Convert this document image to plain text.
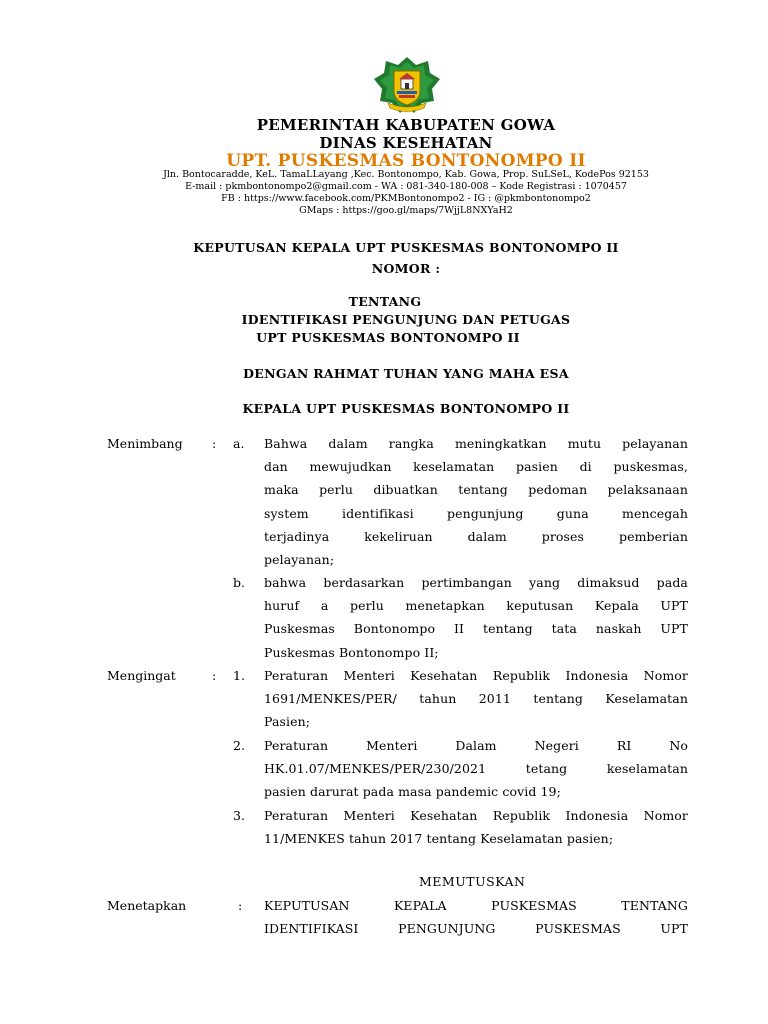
PEMERINTAH KABUPATEN GOWA
DINAS KESEHATAN
UPT. PUSKESMAS BONTONOMPO II
Jln. Bontocaradde, KeL. TamaLLayang ,Kec. Bontonompo, Kab. Gowa, Prop. SuLSeL, KodePos 92153
E-mail : pkmbontonompo2@gmail.com - WA : 081-340-180-008 – Kode Registrasi : 1070457
FB : https://www.facebook.com/PKMBontonompo2 - IG : @pkmbontonompo2
GMaps : https://goo.gl/maps/7WjjL8NXYaH2
KEPUTUSAN KEPALA UPT PUSKESMAS BONTONOMPO II
NOMOR :
TENTANG
IDENTIFIKASI PENGUNJUNG DAN PETUGAS
UPT PUSKESMAS BONTONOMPO II
DENGAN RAHMAT TUHAN YANG MAHA ESA
KEPALA UPT PUSKESMAS BONTONOMPO II
Menimbang : a. Bahwa dalam rangka meningkatkan mutu pelayanan
dan mewujudkan keselamatan pasien di puskesmas,
maka perlu dibuatkan tentang pedoman pelaksanaan
system identifikasi pengunjung guna mencegah
terjadinya kekeliruan dalam proses pemberian
pelayanan;
b. bahwa berdasarkan pertimbangan yang dimaksud pada
huruf a perlu menetapkan keputusan Kepala UPT
Puskesmas Bontonompo II tentang tata naskah UPT
Puskesmas Bontonompo II;
Mengingat	: 1. Peraturan Menteri Kesehatan Republik Indonesia Nomor
1691/MENKES/PER/ tahun 2011 tentang Keselamatan
Pasien;
2. Peraturan Menteri Dalam Negeri RI No
HK.01.07/MENKES/PER/230/2021 tetang keselamatan
pasien darurat pada masa pandemic covid 19;
3. Peraturan Menteri Kesehatan Republik Indonesia Nomor
11/MENKES tahun 2017 tentang Keselamatan pasien;
MEMUTUSKAN
Menetapkan	: KEPUTUSAN KEPALA PUSKESMAS TENTANG
IDENTIFIKASI PENGUNJUNG PUSKESMAS UPT
